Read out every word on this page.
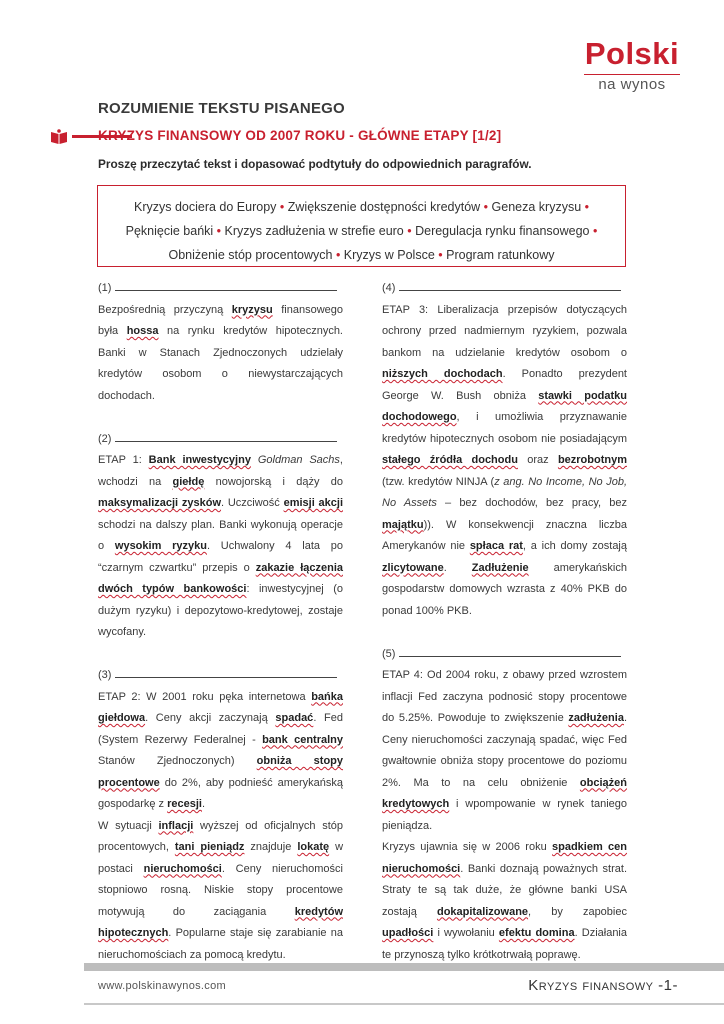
Polski
na wynos
ROZUMIENIE TEKSTU PISANEGO
KRYZYS FINANSOWY OD 2007 ROKU - GŁÓWNE ETAPY [1/2]
Proszę przeczytać tekst i dopasować podtytuły do odpowiednich paragrafów.
Kryzys dociera do Europy • Zwiększenie dostępności kredytów • Geneza kryzysu •
Pęknięcie bańki • Kryzys zadłużenia w strefie euro • Deregulacja rynku finansowego •
Obniżenie stóp procentowych • Kryzys w Polsce • Program ratunkowy
(1)

Bezpośrednią przyczyną kryzysu finansowego była hossa na rynku kredytów hipotecznych. Banki w Stanach Zjednoczonych udzielały kredytów osobom o niewystarczających dochodach.

(2)

ETAP 1: Bank inwestycyjny Goldman Sachs, wchodzi na giełdę nowojorską i dąży do maksymalizacji zysków. Uczciwość emisji akcji schodzi na dalszy plan. Banki wykonują operacje o wysokim ryzyku. Uchwalony 4 lata po “czarnym czwartku” przepis o zakazie łączenia dwóch typów bankowości: inwestycyjnej (o dużym ryzyku) i depozytowo-kredytowej, zostaje wycofany.

(3)

ETAP 2: W 2001 roku pęka internetowa bańka giełdowa. Ceny akcji zaczynają spadać. Fed (System Rezerwy Federalnej - bank centralny Stanów Zjednoczonych) obniża stopy procentowe do 2%, aby podnieść amerykańską gospodarkę z recesji.

W sytuacji inflacji wyższej od oficjalnych stóp procentowych, tani pieniądz znajduje lokatę w postaci nieruchomości. Ceny nieruchomości stopniowo rosną. Niskie stopy procentowe motywują do zaciągania kredytów hipotecznych. Popularne staje się zarabianie na nieruchomościach za pomocą kredytu.

(4)

ETAP 3: Liberalizacja przepisów dotyczących ochrony przed nadmiernym ryzykiem, pozwala bankom na udzielanie kredytów osobom o niższych dochodach. Ponadto prezydent George W. Bush obniża stawki podatku dochodowego, i umożliwia przyznawanie kredytów hipotecznych osobom nie posiadającym stałego źródła dochodu oraz bezrobotnym (tzw. kredytów NINJA (z ang. No Income, No Job, No Assets – bez dochodów, bez pracy, bez majątku)). W konsekwencji znaczna liczba Amerykanów nie spłaca rat, a ich domy zostają zlicytowane. Zadłużenie amerykańskich gospodarstw domowych wzrasta z 40% PKB do ponad 100% PKB.

(5)

ETAP 4: Od 2004 roku, z obawy przed wzrostem inflacji Fed zaczyna podnosić stopy procentowe do 5.25%. Powoduje to zwiększenie zadłużenia. Ceny nieruchomości zaczynają spadać, więc Fed gwałtownie obniża stopy procentowe do poziomu 2%. Ma to na celu obniżenie obciążeń kredytowych i wpompowanie w rynek taniego pieniądza.

Kryzys ujawnia się w 2006 roku spadkiem cen nieruchomości. Banki doznają poważnych strat. Straty te są tak duże, że główne banki USA zostają dokapitalizowane, by zapobiec upadłości i wywołaniu efektu domina. Działania te przynoszą tylko krótkotrwałą poprawę.

www.polskinawynos.com	Kryzys finansowy -1-
